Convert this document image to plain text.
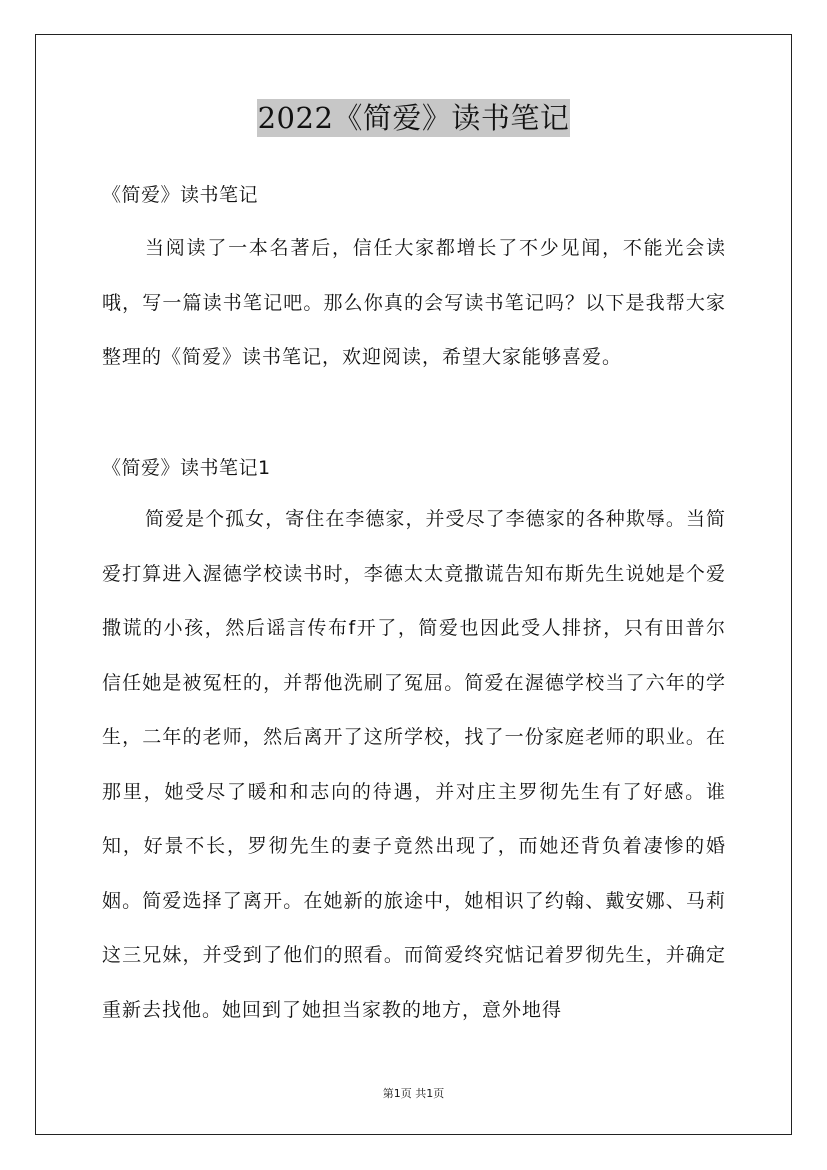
2022《简爱》读书笔记
《简爱》读书笔记
当阅读了一本名著后，信任大家都增长了不少见闻，不能光会读哦，写一篇读书笔记吧。那么你真的会写读书笔记吗？以下是我帮大家整理的《简爱》读书笔记，欢迎阅读，希望大家能够喜爱。
《简爱》读书笔记1
简爱是个孤女，寄住在李德家，并受尽了李德家的各种欺辱。当简爱打算进入渥德学校读书时，李德太太竟撒谎告知布斯先生说她是个爱撒谎的小孩，然后谣言传布f开了，简爱也因此受人排挤，只有田普尔信任她是被冤枉的，并帮他洗刷了冤屈。简爱在渥德学校当了六年的学生，二年的老师，然后离开了这所学校，找了一份家庭老师的职业。在那里，她受尽了暖和和志向的待遇，并对庄主罗彻先生有了好感。谁知，好景不长，罗彻先生的妻子竟然出现了，而她还背负着凄惨的婚姻。简爱选择了离开。在她新的旅途中，她相识了约翰、戴安娜、马莉这三兄妹，并受到了他们的照看。而简爱终究惦记着罗彻先生，并确定重新去找他。她回到了她担当家教的地方，意外地得
第1页 共1页
